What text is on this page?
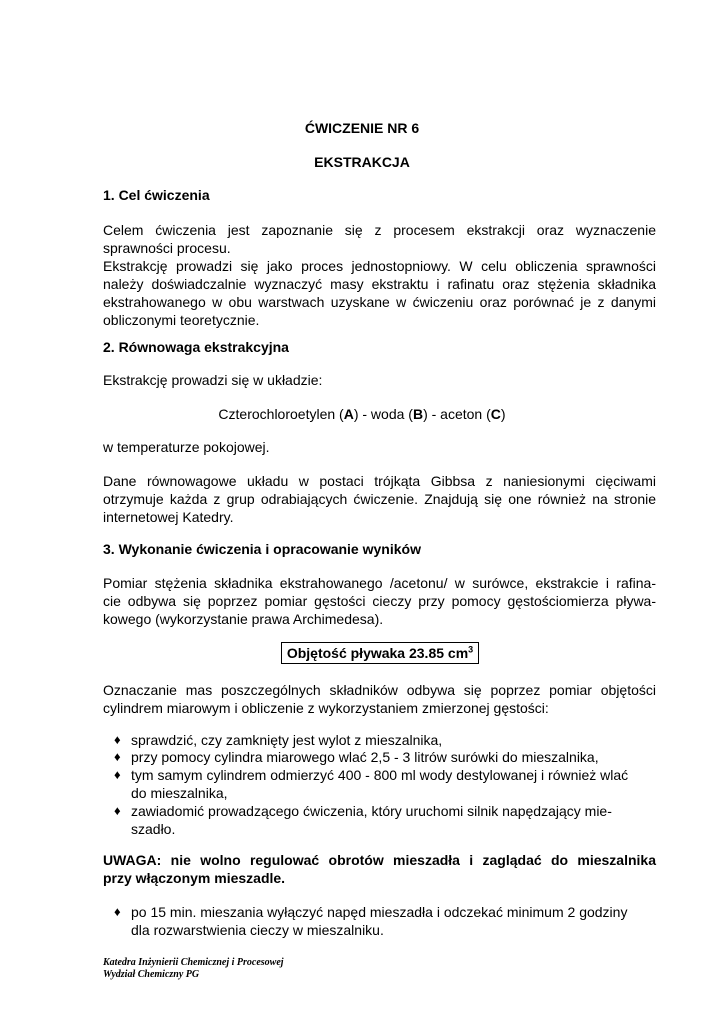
ĆWICZENIE NR 6
EKSTRAKCJA
1. Cel ćwiczenia
Celem ćwiczenia jest zapoznanie się z procesem ekstrakcji oraz wyznaczenie
sprawności procesu.
Ekstrakcję prowadzi się jako proces jednostopniowy. W celu obliczenia sprawności
należy doświadczalnie wyznaczyć masy ekstraktu i rafinatu oraz stężenia składnika
ekstrahowanego w obu warstwach uzyskane w ćwiczeniu oraz porównać je z danymi
obliczonymi teoretycznie.
2. Równowaga ekstrakcyjna
Ekstrakcję prowadzi się w układzie:
Czterochloroetylen (A) - woda (B) - aceton (C)
w temperaturze pokojowej.
Dane równowagowe układu w postaci trójkąta Gibbsa z naniesionymi cięciwami
otrzymuje każda z grup odrabiających ćwiczenie. Znajdują się one również na stronie
internetowej Katedry.
3. Wykonanie ćwiczenia i opracowanie wyników
Pomiar stężenia składnika ekstrahowanego /acetonu/ w surówce, ekstrakcie i rafina-
cie odbywa się poprzez pomiar gęstości cieczy przy pomocy gęstościomierza pływa-
kowego (wykorzystanie prawa Archimedesa).
Objętość pływaka 23.85 $cm^3$
Oznaczanie mas poszczególnych składników odbywa się poprzez pomiar objętości
cylindrem miarowym i obliczenie z wykorzystaniem zmierzonej gęstości:
♦ sprawdzić, czy zamknięty jest wylot z mieszalnika,
♦ przy pomocy cylindra miarowego wlać 2,5 - 3 litrów surówki do mieszalnika,
♦ tym samym cylindrem odmierzyć 400 - 800 ml wody destylowanej i również wlać
do mieszalnika,
♦ zawiadomić prowadzącego ćwiczenia, który uruchomi silnik napędzający mie-
szadło.
UWAGA: nie wolno regulować obrotów mieszadła i zaglądać do mieszalnika
przy włączonym mieszadle.
♦ po 15 min. mieszania wyłączyć napęd mieszadła i odczekać minimum 2 godziny
dla rozwarstwienia cieczy w mieszalniku.
Katedra Inżynierii Chemicznej i Procesowej
Wydział Chemiczny PG
